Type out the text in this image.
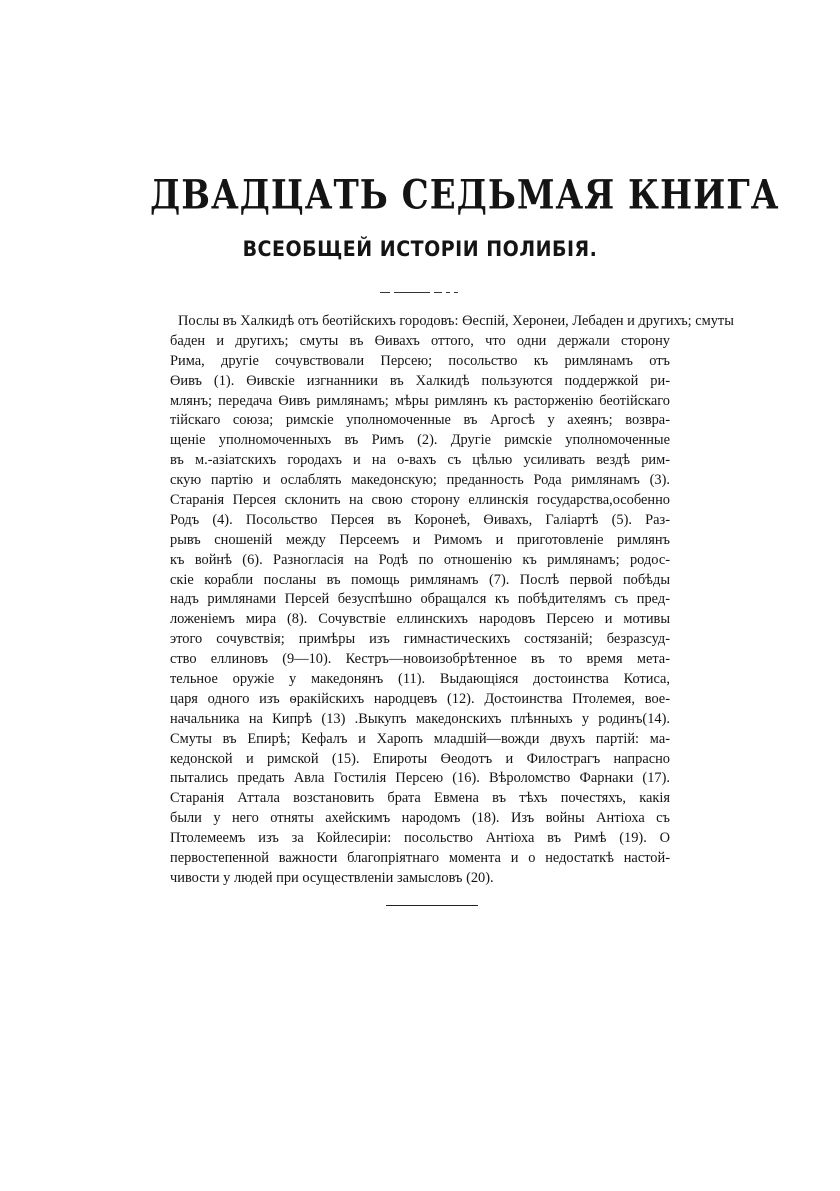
ДВАДЦАТЬ СЕДЬМАЯ КНИГА
ВСЕОБЩЕЙ ИСТОРІИ ПОЛИБІЯ.
Послы въ Халкидѣ отъ беотійскихъ городовъ: Өеспій, Херонеи, Лебаден и другихъ; смуты
баден и другихъ; смуты въ Өивахъ оттого, что одни держали сторону
Рима, другіе сочувствовали Персею; посольство къ римлянамъ отъ
Өивъ (1). Өивскіе изгнанники въ Халкидѣ пользуются поддержкой ри-
млянъ; передача Өивъ римлянамъ; мѣры римлянъ къ расторженію беотійскаго
тійскаго союза; римскіе уполномоченные въ Аргосѣ у ахеянъ; возвра-
щеніе уполномоченныхъ въ Римъ (2). Другіе римскіе уполномоченные
въ м.-азіатскихъ городахъ и на о-вахъ съ цѣлью усиливать вездѣ рим-
скую партію и ослаблять македонскую; преданность Рода римлянамъ (3).
Старанія Персея склонить на свою сторону еллинскія государства,особенно
Родъ (4). Посольство Персея въ Коронеѣ, Өивахъ, Галіартѣ (5). Раз-
рывъ сношеній между Персеемъ и Римомъ и приготовленіе римлянъ
къ войнѣ (6). Разногласія на Родѣ по отношенію къ римлянамъ; родос-
скіе корабли посланы въ помощь римлянамъ (7). Послѣ первой побѣды
надъ римлянами Персей безуспѣшно обращался къ побѣдителямъ съ пред-
ложеніемъ мира (8). Сочувствіе еллинскихъ народовъ Персею и мотивы
этого сочувствія; примѣры изъ гимнастическихъ состязаній; безразсуд-
ство еллиновъ (9—10). Кестръ—новоизобрѣтенное въ то время мета-
тельное оружіе у македонянъ (11). Выдающіяся достоинства Котиса,
царя одного изъ ѳракійскихъ народцевъ (12). Достоинства Птолемея, вое-
начальника на Кипрѣ (13) .Выкупъ македонскихъ плѣнныхъ у родинъ(14).
Смуты въ Епирѣ; Кефалъ и Харопъ младшій—вожди двухъ партій: ма-
кедонской и римской (15). Епироты Өеодотъ и Филострагъ напрасно
пытались предать Авла Гостилія Персею (16). Вѣроломство Фарнаки (17).
Старанія Аттала возстановить брата Евмена въ тѣхъ почестяхъ, какія
были у него отняты ахейскимъ народомъ (18). Изъ войны Антіоха съ
Птолемеемъ изъ за Койлесиріи: посольство Антіоха въ Римѣ (19). О
первостепенной важности благопріятнаго момента и о недостаткѣ настой-
чивости у людей при осуществленіи замысловъ (20).
